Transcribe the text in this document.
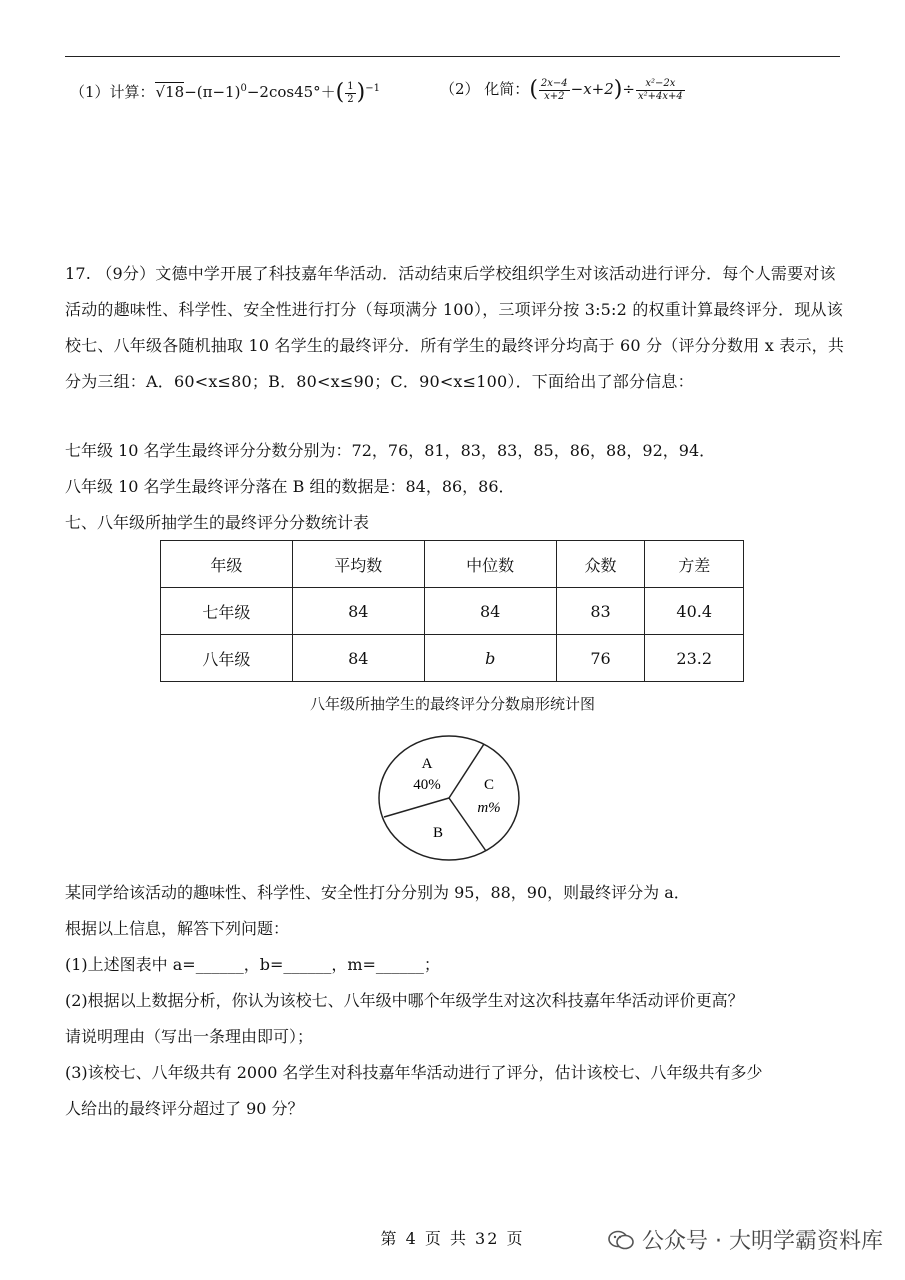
（1）计算：$√18-(\pi-1)^0-2\cos 45^\circ+( \frac{1}{2} )^{-1}$	（2） 化简：( $\frac{2x-4}{x+2} -x+2)\div \frac{\text{x²−2x}}{\text{x²+4x+4}}$
17. （9分）文德中学开展了科技嘉年华活动．活动结束后学校组织学生对该活动进行评分．每个人需要对该活动的趣味性、科学性、安全性进行打分（每项满分 100），三项评分按 3:5:2 的权重计算最终评分．现从该校七、八年级各随机抽取 10 名学生的最终评分．所有学生的最终评分均高于 60 分（评分分数用 x 表示，共分为三组：A．60<x≤80；B．80<x≤90；C．90<x≤100）．下面给出了部分信息：
七年级 10 名学生最终评分分数分别为：72，76，81，83，83，85，86，88，92，94．
八年级 10 名学生最终评分落在 B 组的数据是：84，86，86．
七、八年级所抽学生的最终评分分数统计表
年级	平均数	中位数	众数	方差
七年级	84	84	83	40.4
八年级	84	b	76	23.2
八年级所抽学生的最终评分分数扇形统计图
A
40%	C
m%
B
某同学给该活动的趣味性、科学性、安全性打分分别为 95，88，90，则最终评分为 a．
根据以上信息，解答下列问题：
(1)上述图表中 a=______，b=______，m=______；
(2)根据以上数据分析，你认为该校七、八年级中哪个年级学生对这次科技嘉年华活动评价更高？
请说明理由（写出一条理由即可）；
(3)该校七、八年级共有 2000 名学生对科技嘉年华活动进行了评分，估计该校七、八年级共有多少
人给出的最终评分超过了 90 分？
第 4 页 共 32 页	公众号 · 大明学霸资料库
